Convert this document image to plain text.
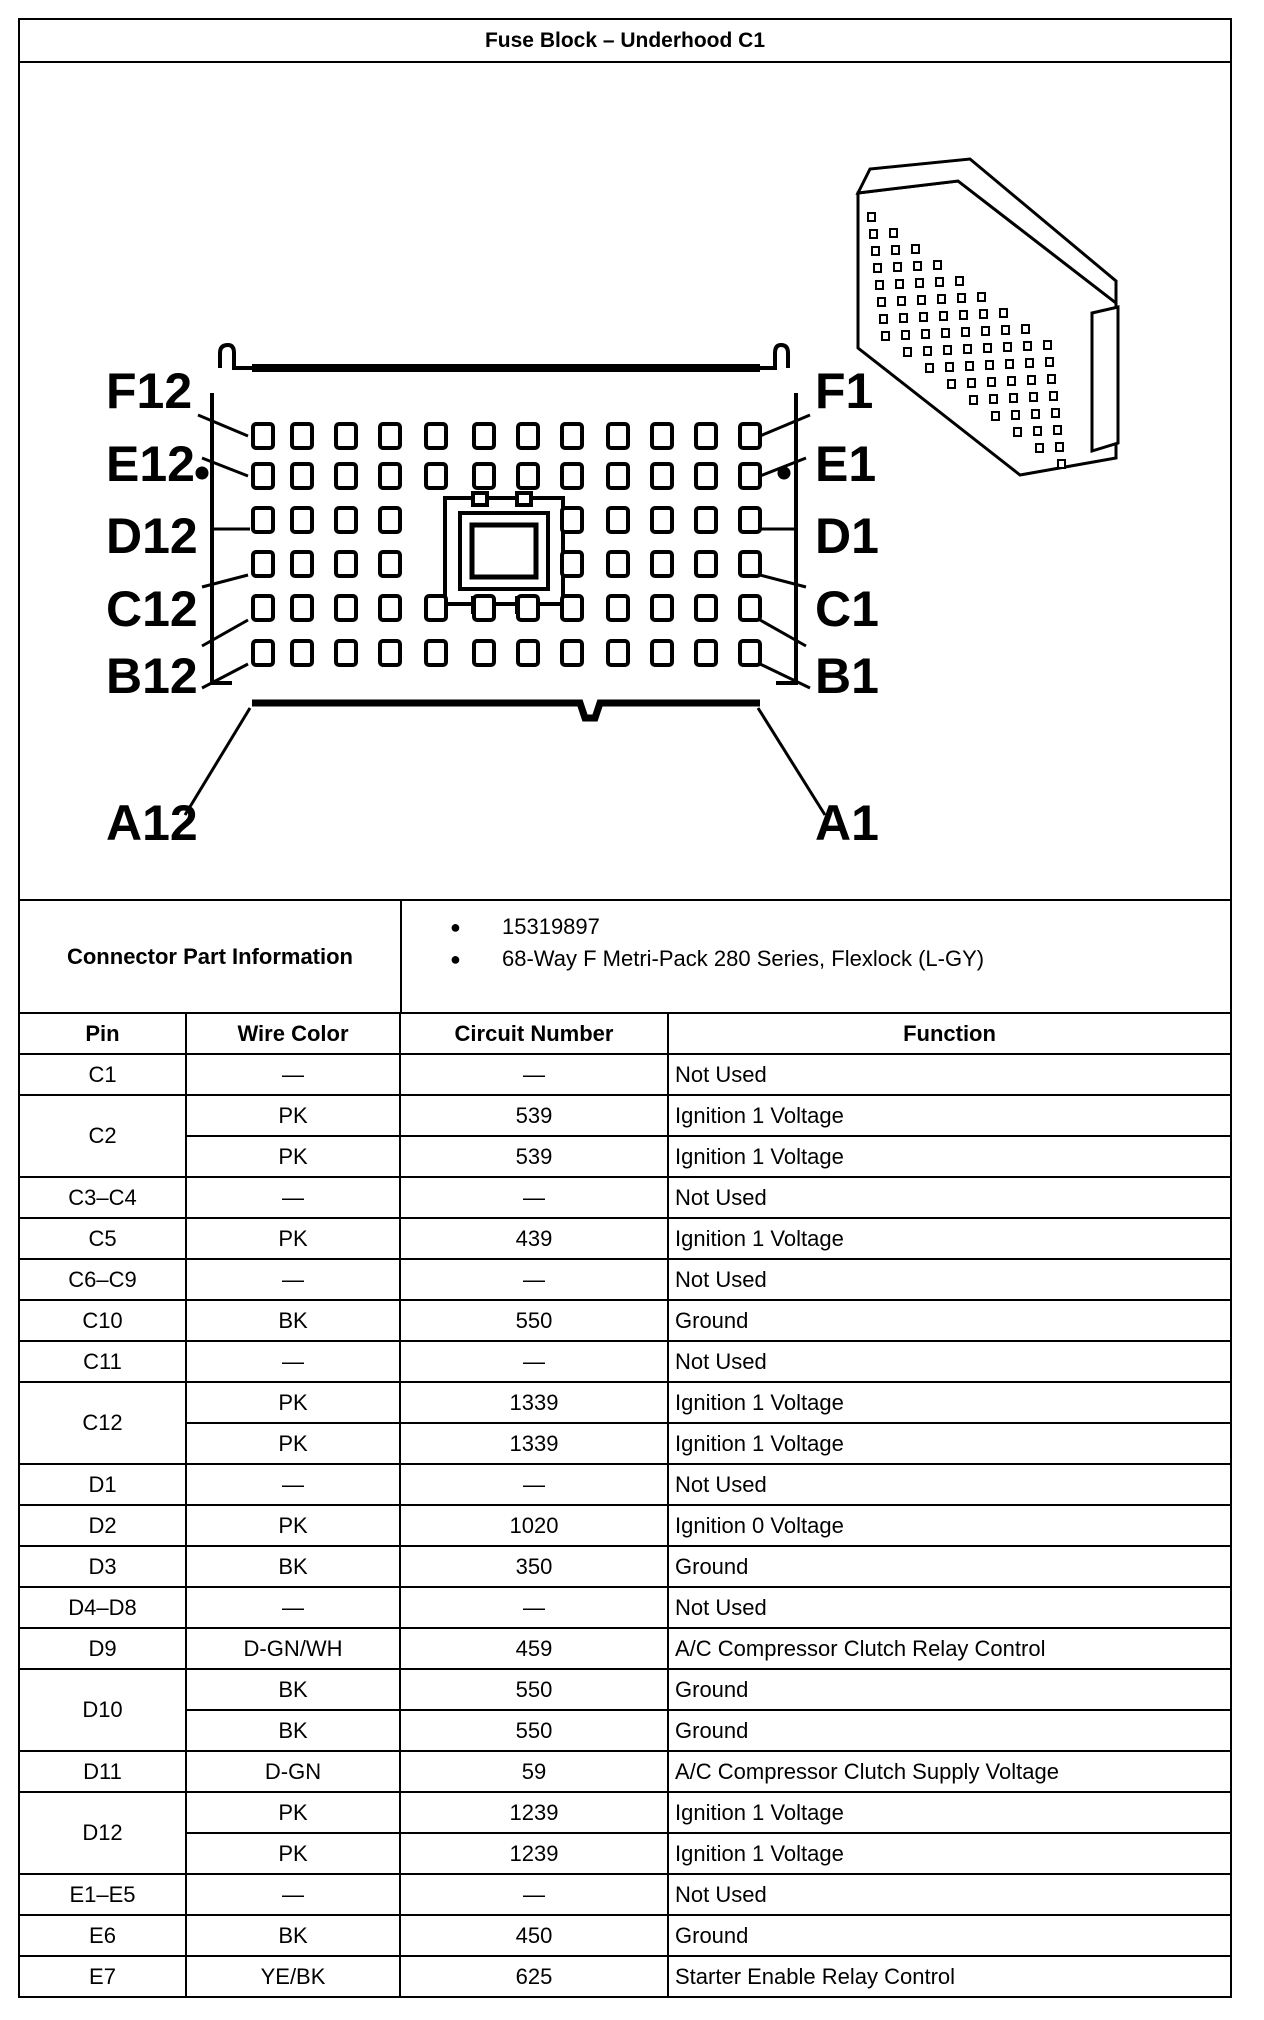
Fuse Block – Underhood C1
F12
E12
D12
C12
B12
A12
F1
E1
D1
C1
B1
A1
Connector Part Information
●	15319897
●	68-Way F Metri-Pack 280 Series, Flexlock (L-GY)
Pin	Wire Color	Circuit Number	Function
C1	—	—	Not Used
C2	PK	539	Ignition 1 Voltage
	PK	539	Ignition 1 Voltage
C3–C4	—	—	Not Used
C5	PK	439	Ignition 1 Voltage
C6–C9	—	—	Not Used
C10	BK	550	Ground
C11	—	—	Not Used
C12	PK	1339	Ignition 1 Voltage
	PK	1339	Ignition 1 Voltage
D1	—	—	Not Used
D2	PK	1020	Ignition 0 Voltage
D3	BK	350	Ground
D4–D8	—	—	Not Used
D9	D-GN/WH	459	A/C Compressor Clutch Relay Control
D10	BK	550	Ground
	BK	550	Ground
D11	D-GN	59	A/C Compressor Clutch Supply Voltage
D12	PK	1239	Ignition 1 Voltage
	PK	1239	Ignition 1 Voltage
E1–E5	—	—	Not Used
E6	BK	450	Ground
E7	YE/BK	625	Starter Enable Relay Control
